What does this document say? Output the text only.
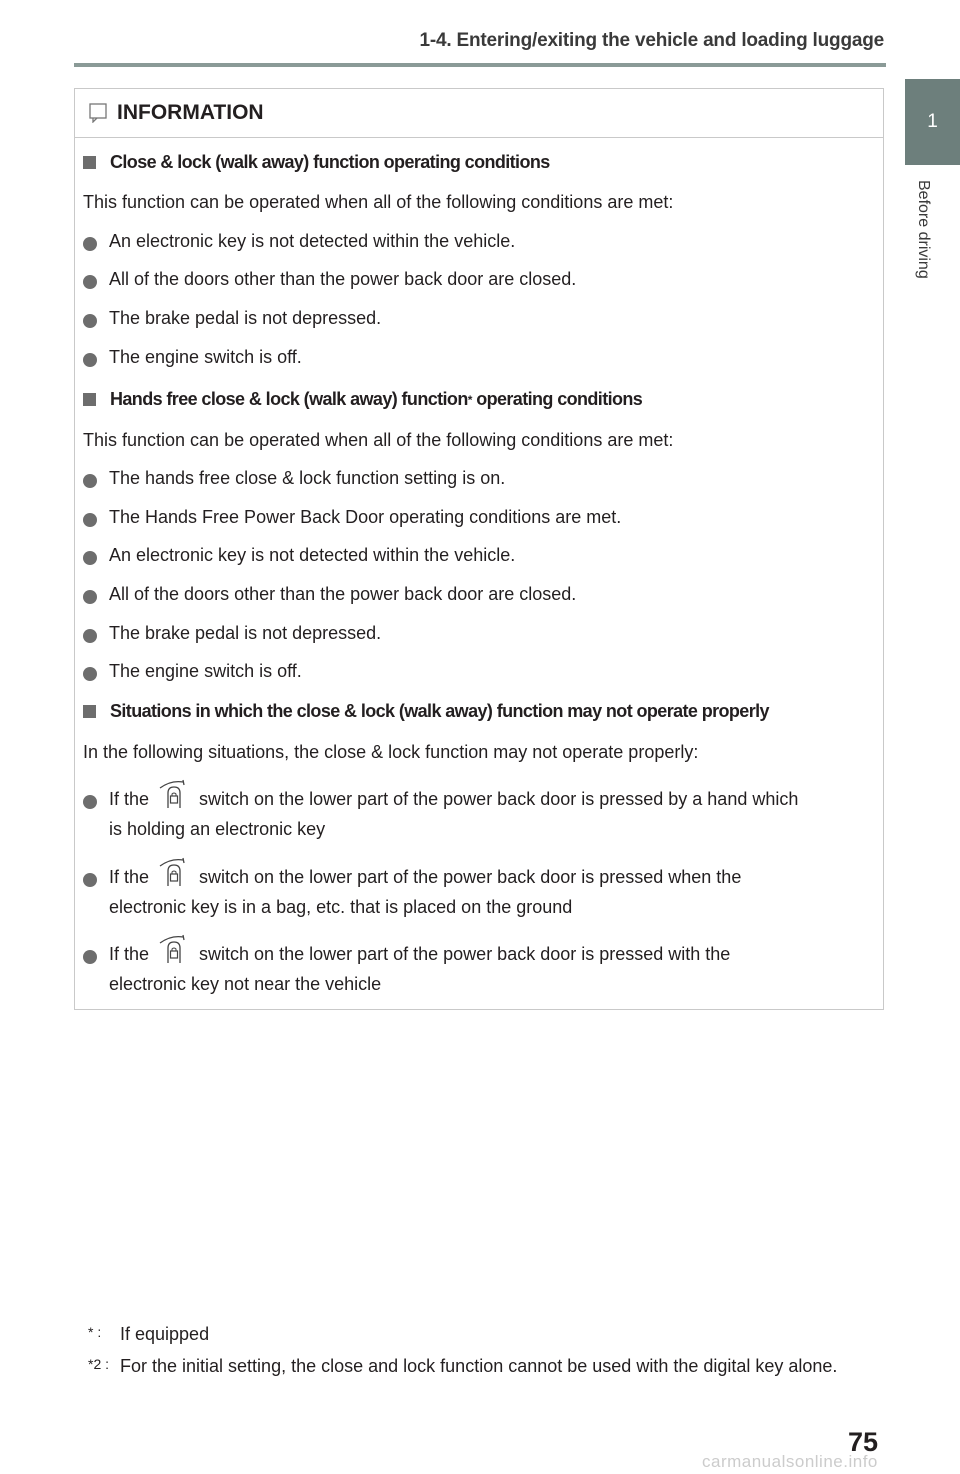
1-4. Entering/exiting the vehicle and loading luggage
1
Before driving
INFORMATION
Close & lock (walk away) function operating conditions
This function can be operated when all of the following conditions are met:
An electronic key is not detected within the vehicle.
All of the doors other than the power back door are closed.
The brake pedal is not depressed.
The engine switch is off.
Hands free close & lock (walk away) function * operating conditions
This function can be operated when all of the following conditions are met:
The hands free close & lock function setting is on.
The Hands Free Power Back Door operating conditions are met.
An electronic key is not detected within the vehicle.
All of the doors other than the power back door are closed.
The brake pedal is not depressed.
The engine switch is off.
Situations in which the close & lock (walk away) function may not operate properly
In the following situations, the close & lock function may not operate properly:
If the	switch on the lower part of the power back door is pressed by a hand which
is holding an electronic key
If the	switch on the lower part of the power back door is pressed when the
electronic key is in a bag, etc. that is placed on the ground
If the	switch on the lower part of the power back door is pressed with the
electronic key not near the vehicle
* :	If equipped
*2 : For the initial setting, the close and lock function cannot be used with the digital key alone.
75
carmanualsonline.info
